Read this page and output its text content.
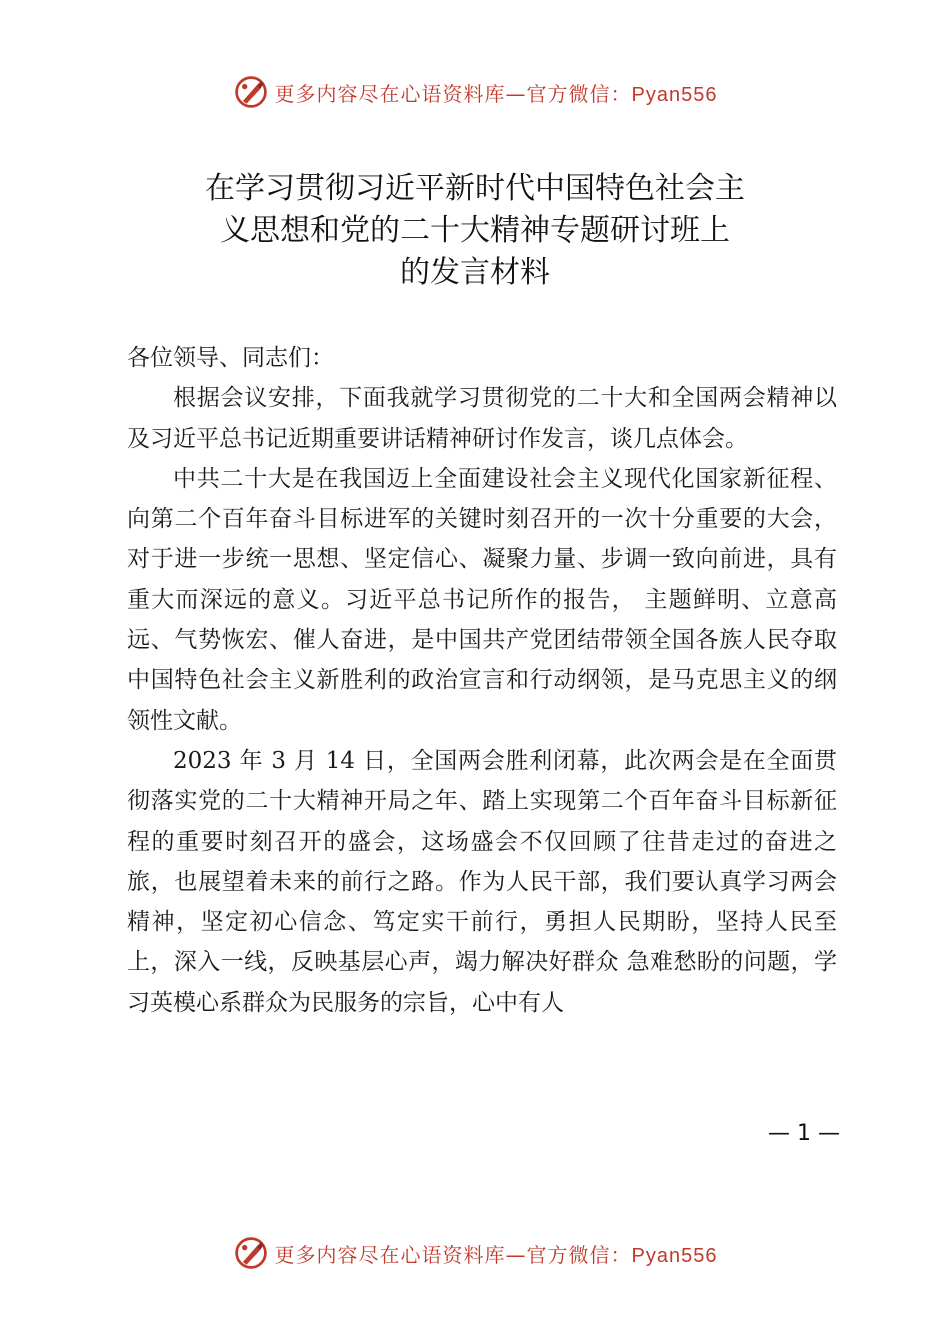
更多内容尽在心语资料库—官方微信：Pyan556
在学习贯彻习近平新时代中国特色社会主
义思想和党的二十大精神专题研讨班上
的发言材料

各位领导、同志们：

根据会议安排，下面我就学习贯彻党的二十大和全国两会精神以及习近平总书记近期重要讲话精神研讨作发言，谈几点体会。

中共二十大是在我国迈上全面建设社会主义现代化国家新征程、向第二个百年奋斗目标进军的关键时刻召开的一次十分重要的大会，对于进一步统一思想、坚定信心、凝聚力量、步调一致向前进，具有重大而深远的意义。习近平总书记所作的报告， 主题鲜明、立意高远、气势恢宏、催人奋进，是中国共产党团结带领全国各族人民夺取中国特色社会主义新胜利的政治宣言和行动纲领，是马克思主义的纲领性文献。

2023 年 3 月 14 日，全国两会胜利闭幕，此次两会是在全面贯彻落实党的二十大精神开局之年、踏上实现第二个百年奋斗目标新征程的重要时刻召开的盛会，这场盛会不仅回顾了往昔走过的奋进之旅，也展望着未来的前行之路。作为人民干部，我们要认真学习两会精神，坚定初心信念、笃定实干前行，勇担人民期盼，坚持人民至上，深入一线，反映基层心声，竭力解决好群众 急难愁盼的问题，学习英模心系群众为民服务的宗旨，心中有人

— 1 —
更多内容尽在心语资料库—官方微信：Pyan556
